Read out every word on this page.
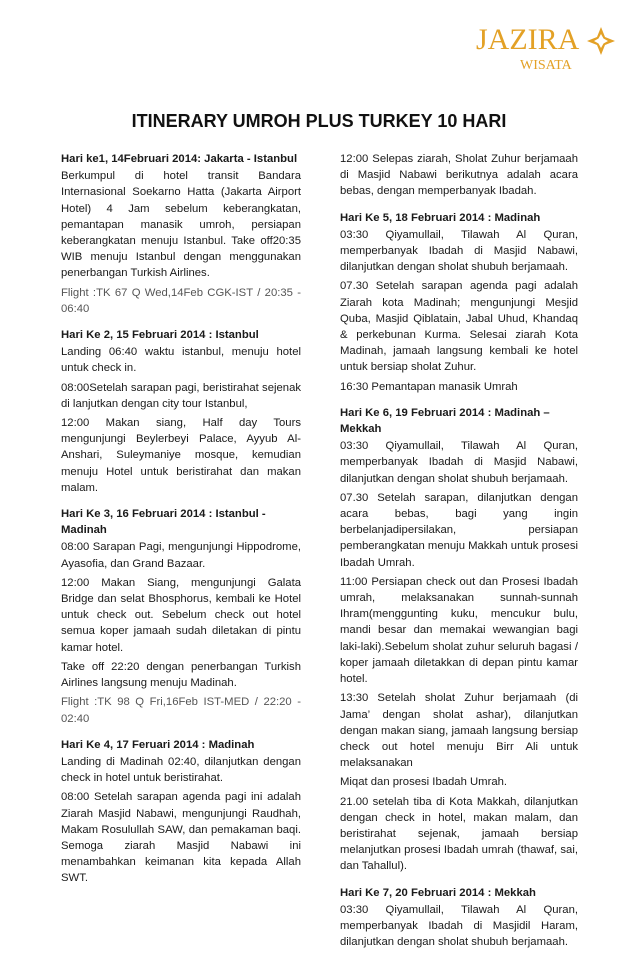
JAZIRA
WISATA
ITINERARY UMROH PLUS TURKEY 10 HARI
Hari ke1, 14Februari 2014: Jakarta - Istanbul

Berkumpul di hotel transit Bandara Internasional Soekarno Hatta (Jakarta Airport Hotel) 4 Jam sebelum keberangkatan, pemantapan manasik umroh, persiapan keberangkatan menuju Istanbul. Take off20:35 WIB menuju Istanbul dengan menggunakan penerbangan Turkish Airlines.

Flight :TK 67 Q Wed,14Feb CGK-IST / 20:35 - 06:40

Hari Ke 2, 15 Februari 2014 : Istanbul

Landing 06:40 waktu istanbul, menuju hotel untuk check in.

08:00Setelah sarapan pagi, beristirahat sejenak di lanjutkan dengan city tour Istanbul,

12:00 Makan siang, Half day Tours mengunjungi Beylerbeyi Palace, Ayyub Al-Anshari, Suleymaniye mosque, kemudian menuju Hotel untuk beristirahat dan makan malam.

Hari Ke 3, 16 Februari 2014 : Istanbul - Madinah

08:00 Sarapan Pagi, mengunjungi Hippodrome, Ayasofia, dan Grand Bazaar.

12:00 Makan Siang, mengunjungi Galata Bridge dan selat Bhosphorus, kembali ke Hotel untuk check out. Sebelum check out hotel semua koper jamaah sudah diletakan di pintu kamar hotel.

Take off 22:20 dengan penerbangan Turkish Airlines langsung menuju Madinah.

Flight :TK 98 Q Fri,16Feb IST-MED / 22:20 - 02:40

Hari Ke 4, 17 Feruari 2014 : Madinah

Landing di Madinah 02:40, dilanjutkan dengan check in hotel untuk beristirahat.

08:00 Setelah sarapan agenda pagi ini adalah Ziarah Masjid Nabawi, mengunjungi Raudhah, Makam Rosulullah SAW, dan pemakaman baqi. Semoga ziarah Masjid Nabawi ini menambahkan keimanan kita kepada Allah SWT.

12:00 Selepas ziarah, Sholat Zuhur berjamaah di Masjid Nabawi berikutnya adalah acara bebas, dengan memperbanyak Ibadah.

Hari Ke 5, 18 Februari 2014 : Madinah

03:30 Qiyamullail, Tilawah Al Quran, memperbanyak Ibadah di Masjid Nabawi, dilanjutkan dengan sholat shubuh berjamaah.

07.30 Setelah sarapan agenda pagi adalah Ziarah kota Madinah; mengunjungi Mesjid Quba, Masjid Qiblatain, Jabal Uhud, Khandaq & perkebunan Kurma. Selesai ziarah Kota Madinah, jamaah langsung kembali ke hotel untuk bersiap sholat Zuhur.

16:30 Pemantapan manasik Umrah

Hari Ke 6, 19 Februari 2014 : Madinah – Mekkah

03:30 Qiyamullail, Tilawah Al Quran, memperbanyak Ibadah di Masjid Nabawi, dilanjutkan dengan sholat shubuh berjamaah.

07.30 Setelah sarapan, dilanjutkan dengan acara bebas, bagi yang ingin berbelanjadipersilakan, persiapan pemberangkatan menuju Makkah untuk prosesi Ibadah Umrah.

11:00 Persiapan check out dan Prosesi Ibadah umrah, melaksanakan sunnah-sunnah Ihram(menggunting kuku, mencukur bulu, mandi besar dan memakai wewangian bagi laki-laki).Sebelum sholat zuhur seluruh bagasi / koper jamaah diletakkan di depan pintu kamar hotel.

13:30 Setelah sholat Zuhur berjamaah (di Jama’ dengan sholat ashar), dilanjutkan dengan makan siang, jamaah langsung bersiap check out hotel menuju Birr Ali untuk melaksanakan

Miqat dan prosesi Ibadah Umrah.

21.00 setelah tiba di Kota Makkah, dilanjutkan dengan check in hotel, makan malam, dan beristirahat sejenak, jamaah bersiap melanjutkan prosesi Ibadah umrah (thawaf, sai, dan Tahallul).

Hari Ke 7, 20 Februari 2014 : Mekkah

03:30 Qiyamullail, Tilawah Al Quran, memperbanyak Ibadah di Masjidil Haram, dilanjutkan dengan sholat shubuh berjamaah.
